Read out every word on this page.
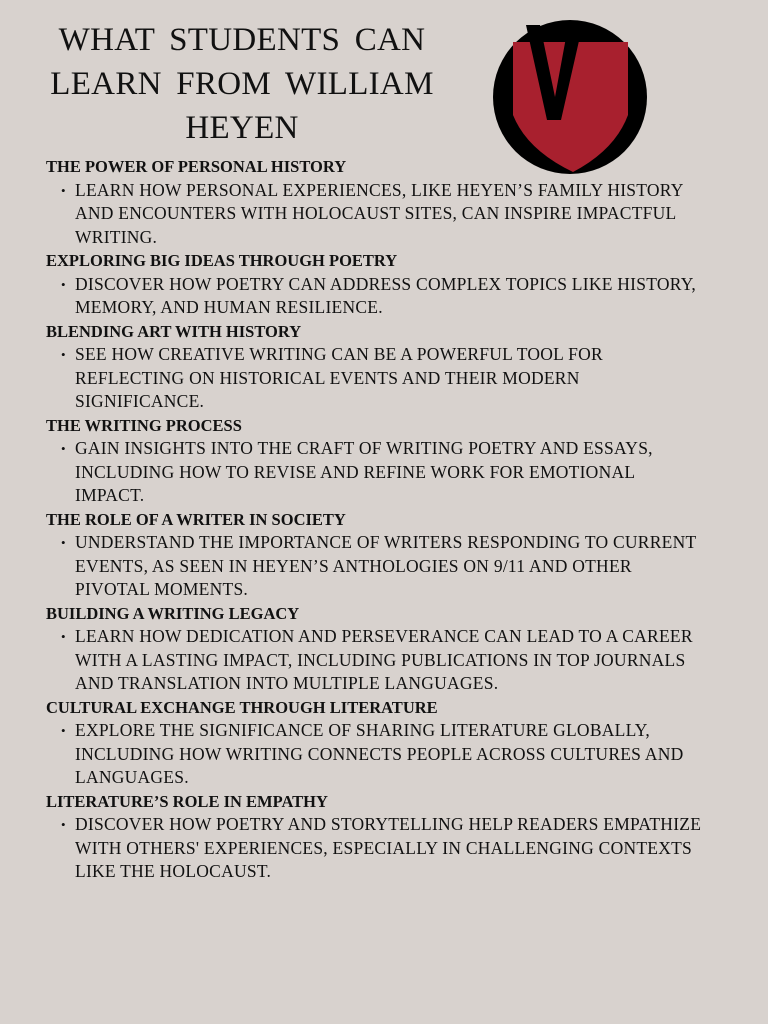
WHAT STUDENTS CAN LEARN FROM WILLIAM HEYEN
THE POWER OF PERSONAL HISTORY
• LEARN HOW PERSONAL EXPERIENCES, LIKE HEYEN’S FAMILY HISTORY AND ENCOUNTERS WITH HOLOCAUST SITES, CAN INSPIRE IMPACTFUL WRITING.
EXPLORING BIG IDEAS THROUGH POETRY
• DISCOVER HOW POETRY CAN ADDRESS COMPLEX TOPICS LIKE HISTORY, MEMORY, AND HUMAN RESILIENCE.
BLENDING ART WITH HISTORY
• SEE HOW CREATIVE WRITING CAN BE A POWERFUL TOOL FOR REFLECTING ON HISTORICAL EVENTS AND THEIR MODERN SIGNIFICANCE.
THE WRITING PROCESS
• GAIN INSIGHTS INTO THE CRAFT OF WRITING POETRY AND ESSAYS, INCLUDING HOW TO REVISE AND REFINE WORK FOR EMOTIONAL IMPACT.
THE ROLE OF A WRITER IN SOCIETY
• UNDERSTAND THE IMPORTANCE OF WRITERS RESPONDING TO CURRENT EVENTS, AS SEEN IN HEYEN’S ANTHOLOGIES ON 9/11 AND OTHER PIVOTAL MOMENTS.
BUILDING A WRITING LEGACY
• LEARN HOW DEDICATION AND PERSEVERANCE CAN LEAD TO A CAREER WITH A LASTING IMPACT, INCLUDING PUBLICATIONS IN TOP JOURNALS AND TRANSLATION INTO MULTIPLE LANGUAGES.
CULTURAL EXCHANGE THROUGH LITERATURE
• EXPLORE THE SIGNIFICANCE OF SHARING LITERATURE GLOBALLY, INCLUDING HOW WRITING CONNECTS PEOPLE ACROSS CULTURES AND LANGUAGES.
LITERATURE’S ROLE IN EMPATHY
• DISCOVER HOW POETRY AND STORYTELLING HELP READERS EMPATHIZE WITH OTHERS' EXPERIENCES, ESPECIALLY IN CHALLENGING CONTEXTS LIKE THE HOLOCAUST.
